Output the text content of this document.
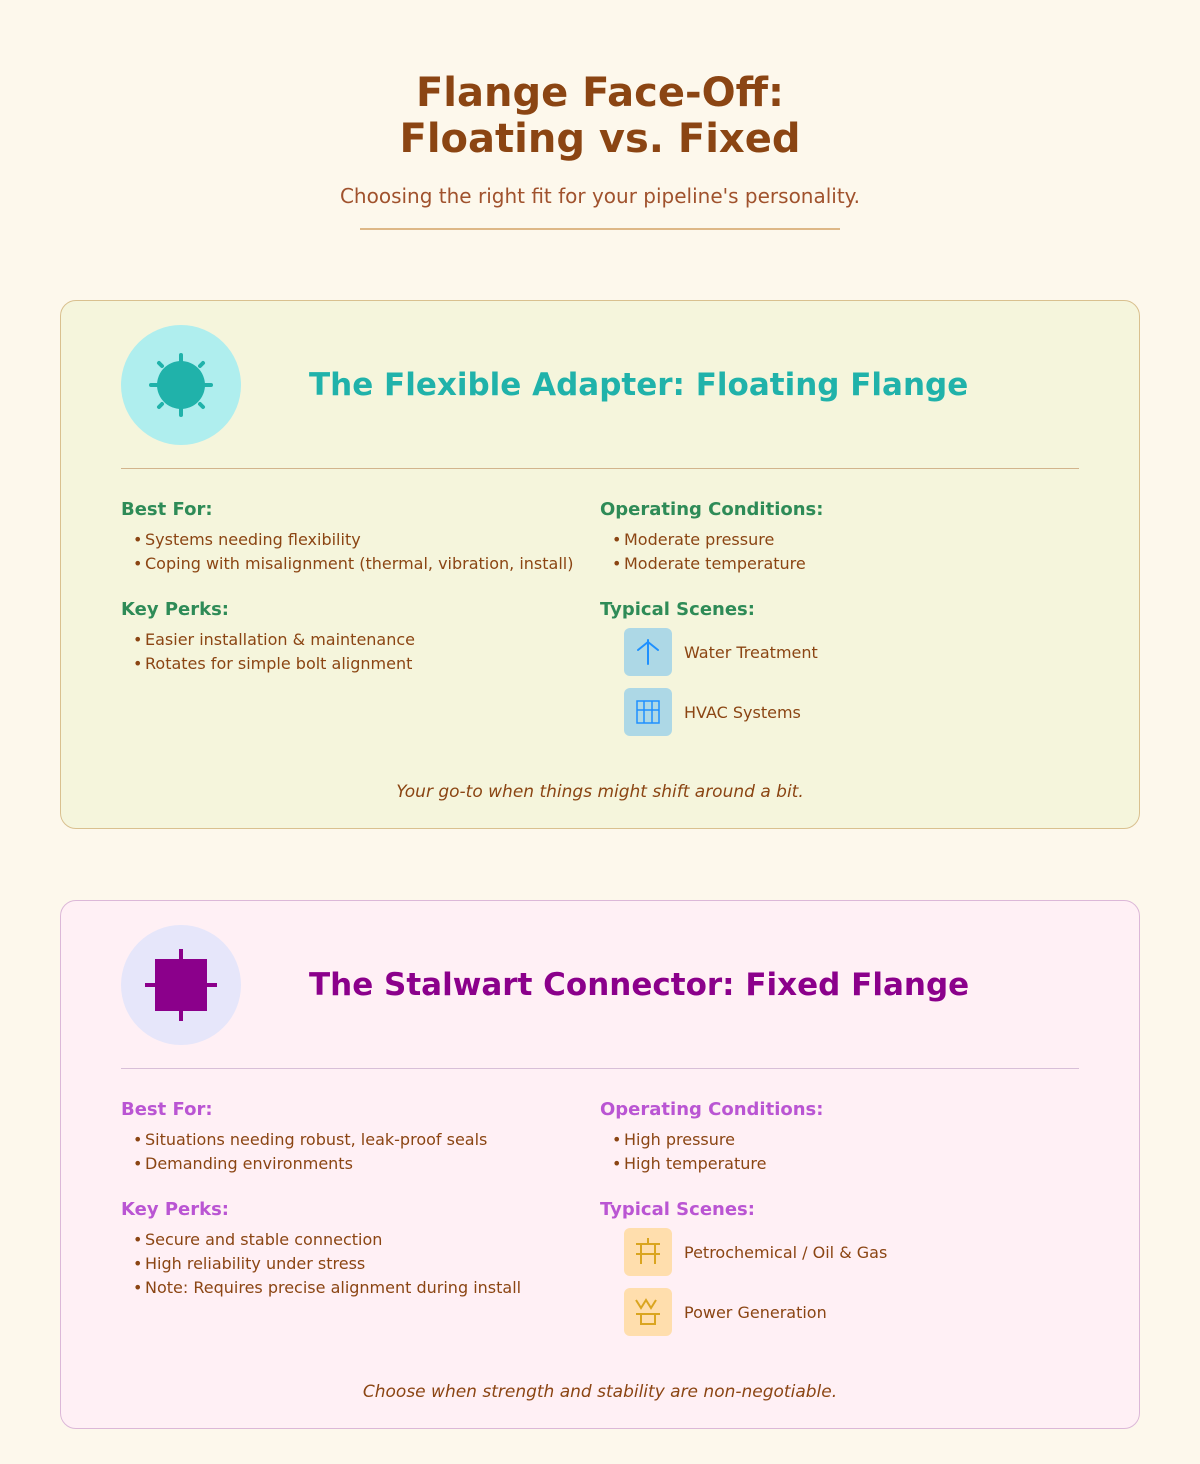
Flange Face-Off:
Floating vs. Fixed

Choosing the right fit for your pipeline's personality.

The Flexible Adapter: Floating Flange
Best For:
• Systems needing flexibility
• Coping with misalignment (thermal, vibration, install)
Key Perks:
• Easier installation & maintenance
• Rotates for simple bolt alignment
Operating Conditions:
• Moderate pressure
• Moderate temperature
Typical Scenes:
Water Treatment
HVAC Systems

Your go-to when things might shift around a bit.

The Stalwart Connector: Fixed Flange
Best For:
• Situations needing robust, leak-proof seals
• Demanding environments
Key Perks:
• Secure and stable connection
• High reliability under stress
• Note: Requires precise alignment during install
Operating Conditions:
• High pressure
• High temperature
Typical Scenes:
Petrochemical / Oil & Gas
Power Generation

Choose when strength and stability are non-negotiable.
